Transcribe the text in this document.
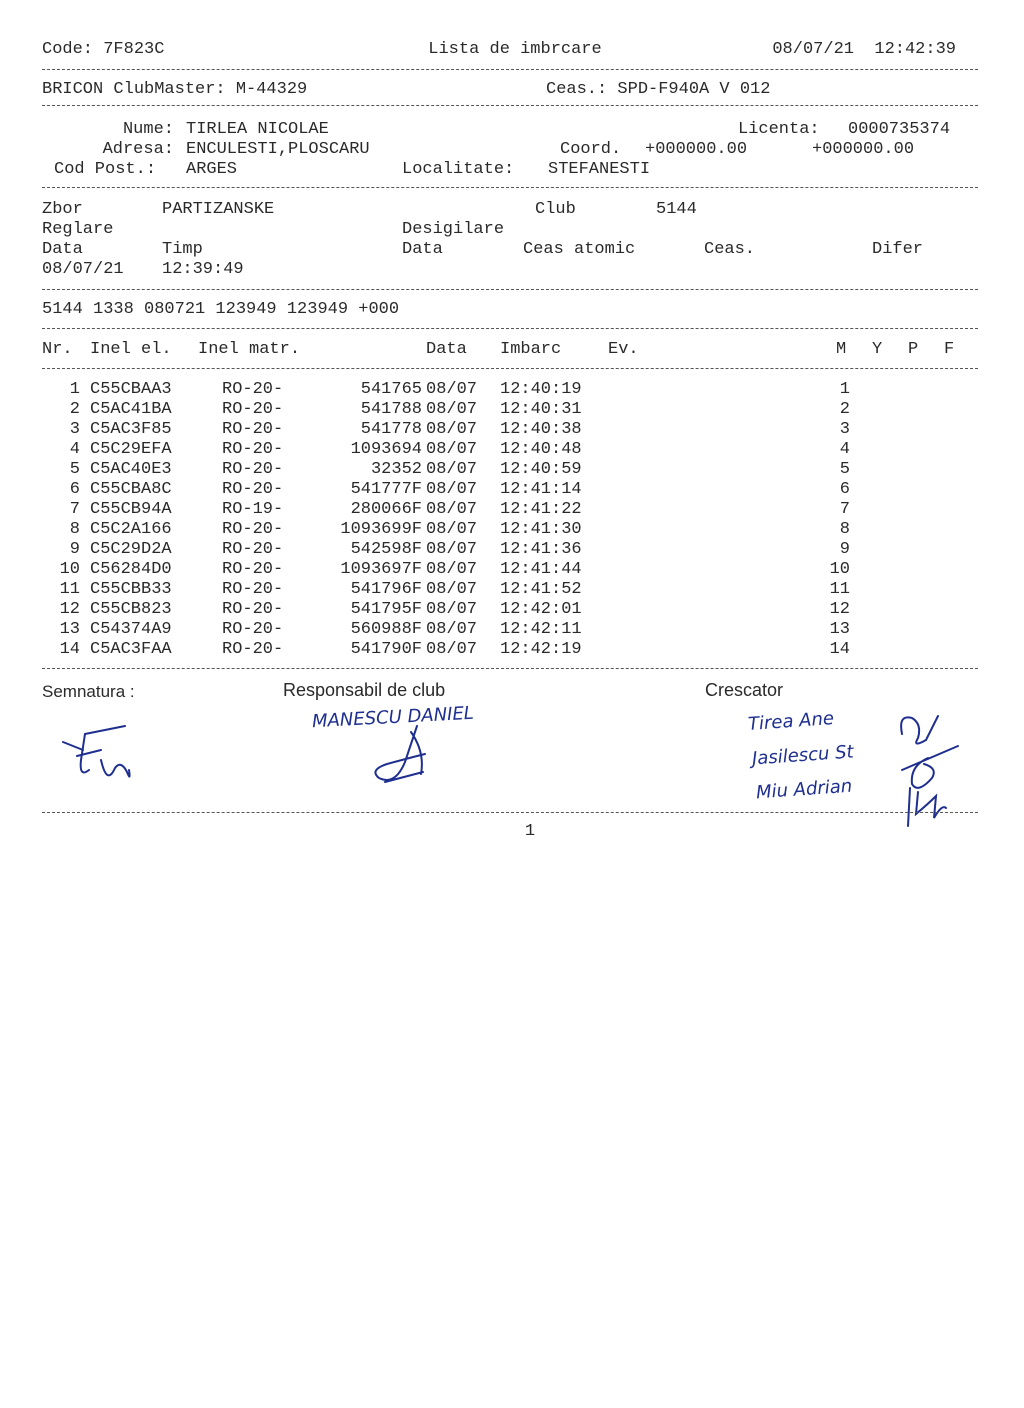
Code: 7F823C	Lista de imbrcare	08/07/21  12:42:39
BRICON ClubMaster: M-44329	Ceas.: SPD-F940A V 012
Nume: TIRLEA NICOLAE	Licenta: 0000735374
Adresa: ENCULESTI,PLOSCARU	Coord. +000000.00	+000000.00
Cod Post.: ARGES	Localitate: STEFANESTI
Zbor	PARTIZANSKE	Club	5144
Reglare	Desigilare
Data	Timp	Data	Ceas atomic	Ceas.	Difer
08/07/21 12:39:49
5144 1338 080721 123949 123949 +000
Nr. Inel el. Inel matr.	Data Imbarc	Ev.	M Y P F
1 C55CBAA3	RO-20-	541765 08/07	12:40:19	1
2 C5AC41BA	RO-20-	541788 08/07	12:40:31	2
3 C5AC3F85	RO-20-	541778 08/07	12:40:38	3
4 C5C29EFA	RO-20-	1093694 08/07	12:40:48	4
5 C5AC40E3	RO-20-	32352 08/07	12:40:59	5
6 C55CBA8C	RO-20-	541777F 08/07	12:41:14	6
7 C55CB94A	RO-19-	280066F 08/07	12:41:22	7
8 C5C2A166	RO-20-	1093699F 08/07	12:41:30	8
9 C5C29D2A	RO-20-	542598F 08/07	12:41:36	9
10 C56284D0	RO-20-	1093697F 08/07	12:41:44	10
11 C55CBB33	RO-20-	541796F 08/07	12:41:52	11
12 C55CB823	RO-20-	541795F 08/07	12:42:01	12
13 C54374A9	RO-20-	560988F 08/07	12:42:11	13
14 C5AC3FAA	RO-20-	541790F 08/07	12:42:19	14
Semnatura :	Responsabil de club	Crescator
MANESCU DANIEL	Tirea Ane
Jasilescu St
Miu Adrian
1
